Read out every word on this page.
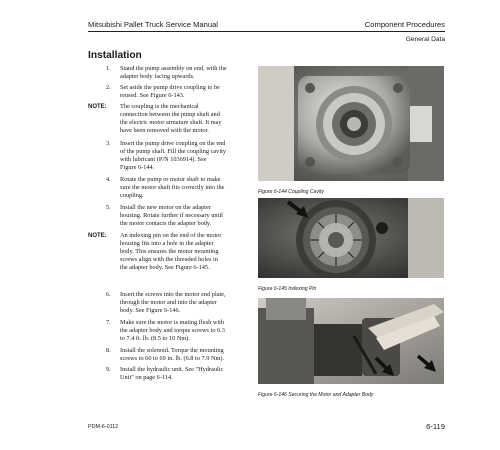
Mitsubishi Pallet Truck Service Manual	Component Procedures
General Data
Installation
1. Stand the pump assembly on end, with the
adapter body facing upwards.
2. Set aside the pump drive coupling to be
reused. See Figure 6-143.
NOTE: The coupling is the mechanical
connection between the pump shaft and
the electric motor armature shaft. It may
have been removed with the motor.
3. Insert the pump drive coupling on the end
of the pump shaft. Fill the coupling cavity
with lubricant (P/N 1036914). See
Figure 6-144.
4. Rotate the pump or motor shaft to make
sure the motor shaft fits correctly into the
coupling.
5. Install the new motor on the adapter
housing. Rotate further if necessary until
the motor contacts the adapter body.
NOTE: An indexing pin on the end of the motor
housing fits into a hole in the adapter
body. This ensures the motor mounting
screws align with the threaded holes in
the adapter body. See Figure 6-145.
6. Insert the screws into the motor end plate,
through the motor and into the adapter
body. See Figure 6-146.
7. Make sure the motor is mating flush with
the adapter body and torque screws to 6.3
to 7.4 ft. lb. (8.5 to 10 Nm).
8. Install the solenoid. Torque the mounting
screws to 60 to 69 in. lb. (6.8 to 7.9 Nm).
9. Install the hydraulic unit. See "Hydraulic
Unit" on page 6-114.
Figure 6-144 Coupling Cavity
Figure 6-145 Indexing Pin
Figure 6-146 Securing the Motor and Adapter Body
PDM-6-0112	6-119
